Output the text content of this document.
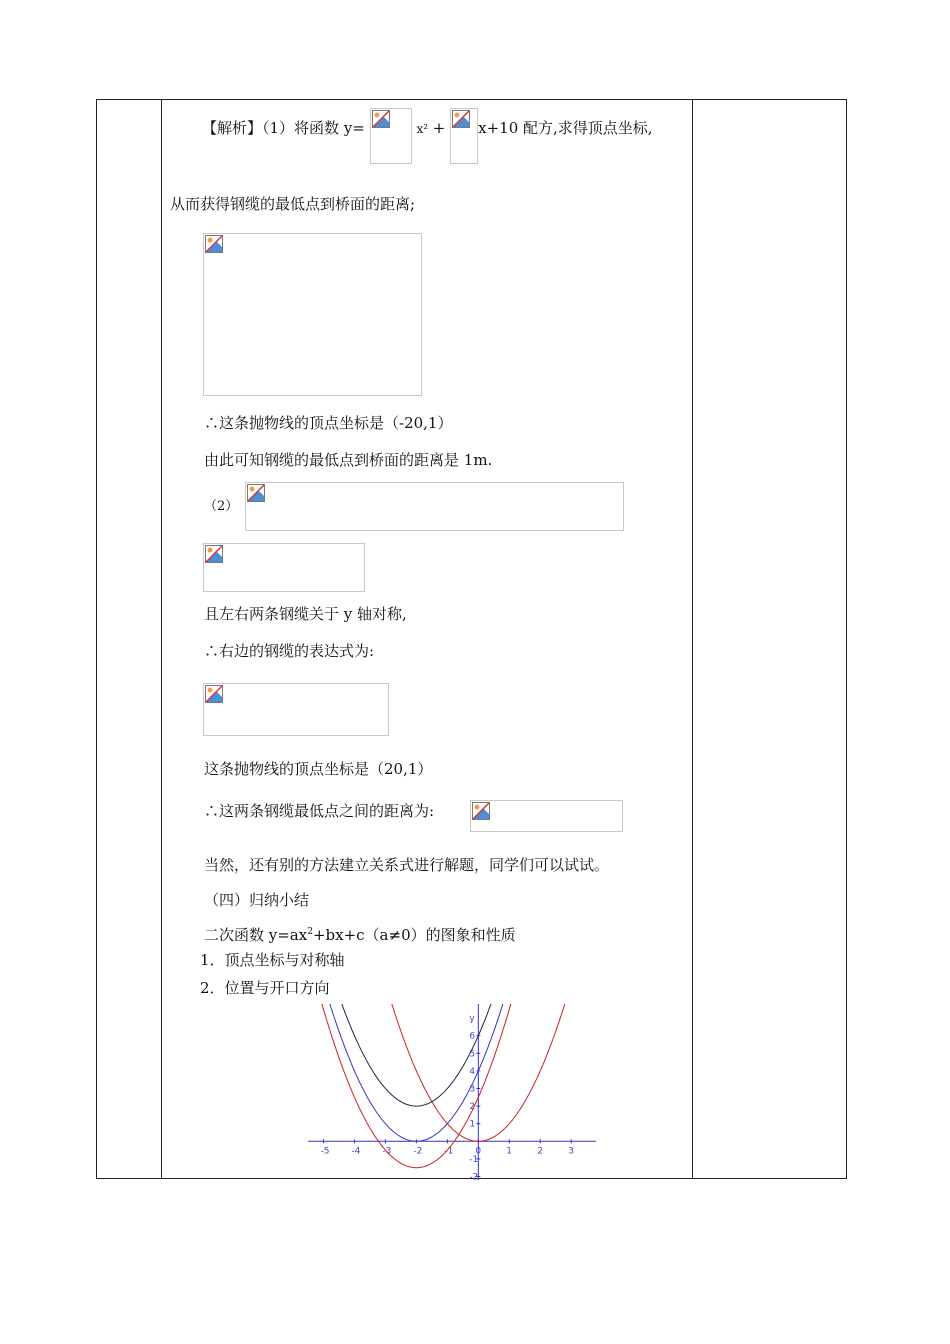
【解析】（1）将函数 y=	x² + x+10 配方,求得顶点坐标,
从而获得钢缆的最低点到桥面的距离;
∴这条抛物线的顶点坐标是（-20,1）
由此可知钢缆的最低点到桥面的距离是 1m.
（2）
且左右两条钢缆关于 y 轴对称,
∴右边的钢缆的表达式为:
这条抛物线的顶点坐标是（20,1）
∴这两条钢缆最低点之间的距离为:
当然，还有别的方法建立关系式进行解题，同学们可以试试。
（四）归纳小结
二次函数 $y=ax^2+bx+c(a\ne 0)$的图象和性质
1．顶点坐标与对称轴
2．位置与开口方向
-5 -4 -3 -2 -1 0	1	2	3
-2
-1
1
2
3
4
5
6
y
